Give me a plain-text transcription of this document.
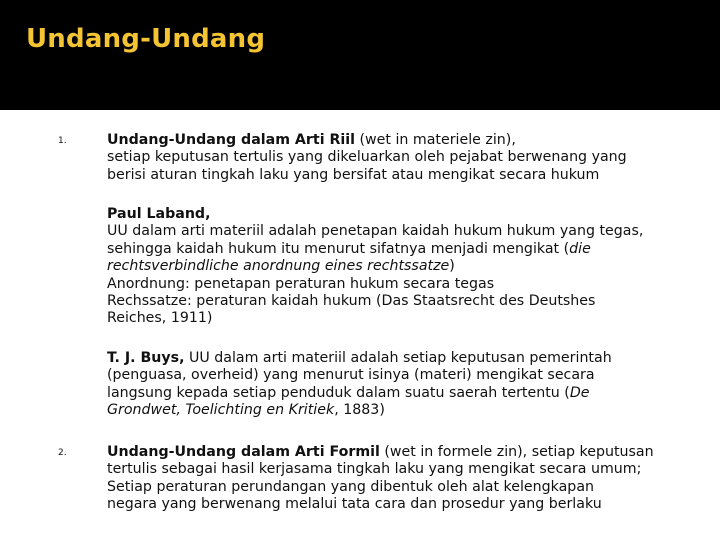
Undang-Undang
1.	Undang-Undang dalam Arti Riil (wet in materiele zin),
setiap keputusan tertulis yang dikeluarkan oleh pejabat berwenang yang
berisi aturan tingkah laku yang bersifat atau mengikat secara hukum
Paul Laband,
UU dalam arti materiil adalah penetapan kaidah hukum hukum yang tegas,
sehingga kaidah hukum itu menurut sifatnya menjadi mengikat (die
rechtsverbindliche anordnung eines rechtssatze)
Anordnung: penetapan peraturan hukum secara tegas
Rechssatze: peraturan kaidah hukum (Das Staatsrecht des Deutshes
Reiches, 1911)
T. J. Buys, UU dalam arti materiil adalah setiap keputusan pemerintah
(penguasa, overheid) yang menurut isinya (materi) mengikat secara
langsung kepada setiap penduduk dalam suatu saerah tertentu (De
Grondwet, Toelichting en Kritiek, 1883)
2.	Undang-Undang dalam Arti Formil (wet in formele zin), setiap keputusan
tertulis sebagai hasil kerjasama tingkah laku yang mengikat secara umum;
Setiap peraturan perundangan yang dibentuk oleh alat kelengkapan
negara yang berwenang melalui tata cara dan prosedur yang berlaku
